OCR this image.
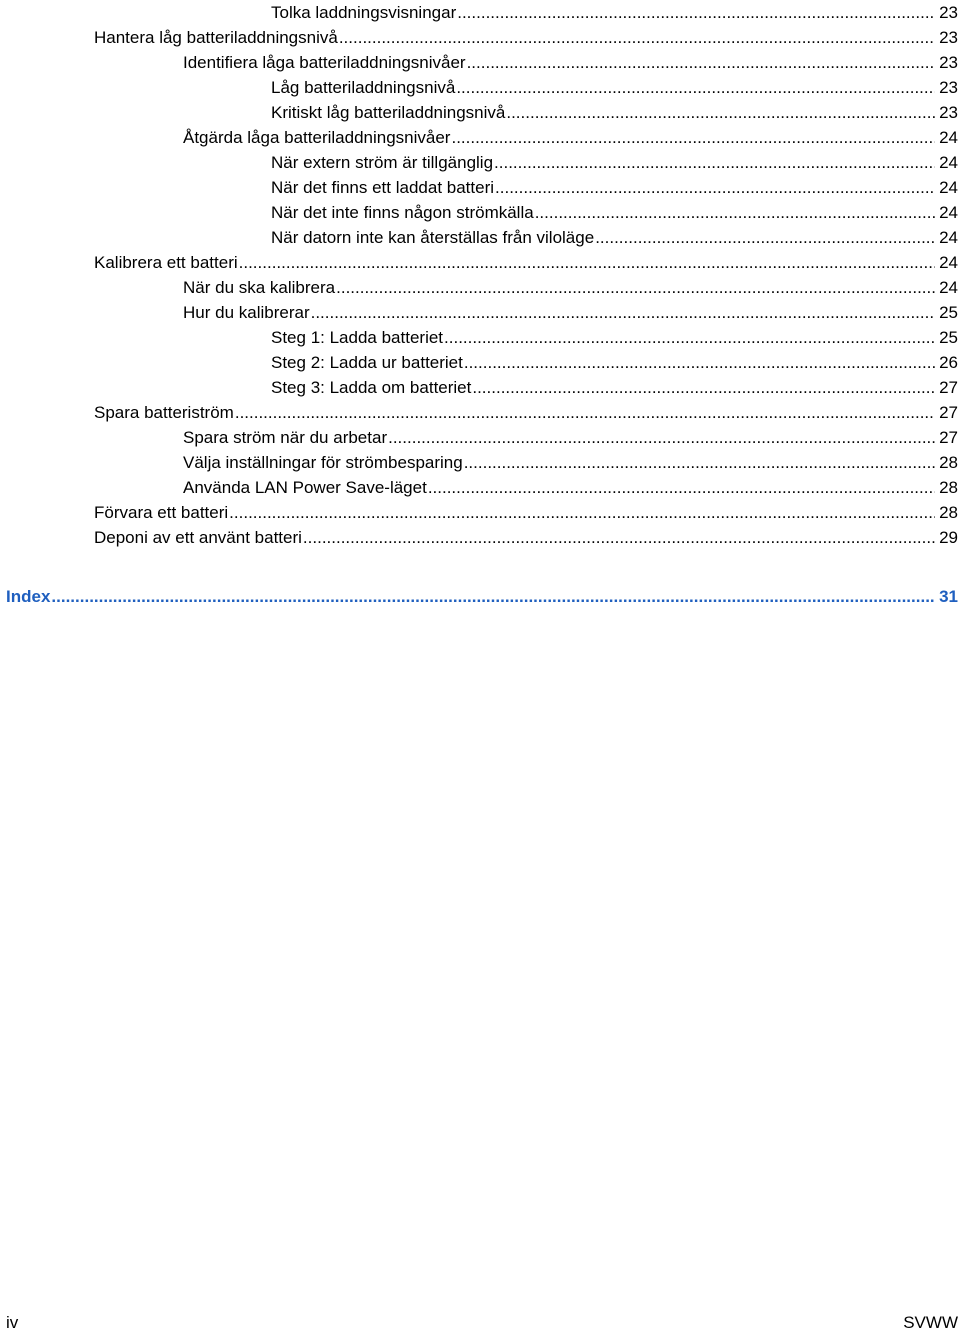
Tolka laddningsvisningar .....	23
Hantera låg batteriladdningsnivå .....	23
Identifiera låga batteriladdningsnivåer .....	23
Låg batteriladdningsnivå .....	23
Kritiskt låg batteriladdningsnivå .....	23
Åtgärda låga batteriladdningsnivåer .....	24
När extern ström är tillgänglig .....	24
När det finns ett laddat batteri .....	24
När det inte finns någon strömkälla .....	24
När datorn inte kan återställas från viloläge .....	24
Kalibrera ett batteri .....	24
När du ska kalibrera .....	24
Hur du kalibrerar .....	25
Steg 1: Ladda batteriet .....	25
Steg 2: Ladda ur batteriet .....	26
Steg 3: Ladda om batteriet .....	27
Spara batteriström .....	27
Spara ström när du arbetar .....	27
Välja inställningar för strömbesparing .....	28
Använda LAN Power Save-läget .....	28
Förvara ett batteri .....	28
Deponi av ett använt batteri .....	29
Index .....	31
iv	SVWW
